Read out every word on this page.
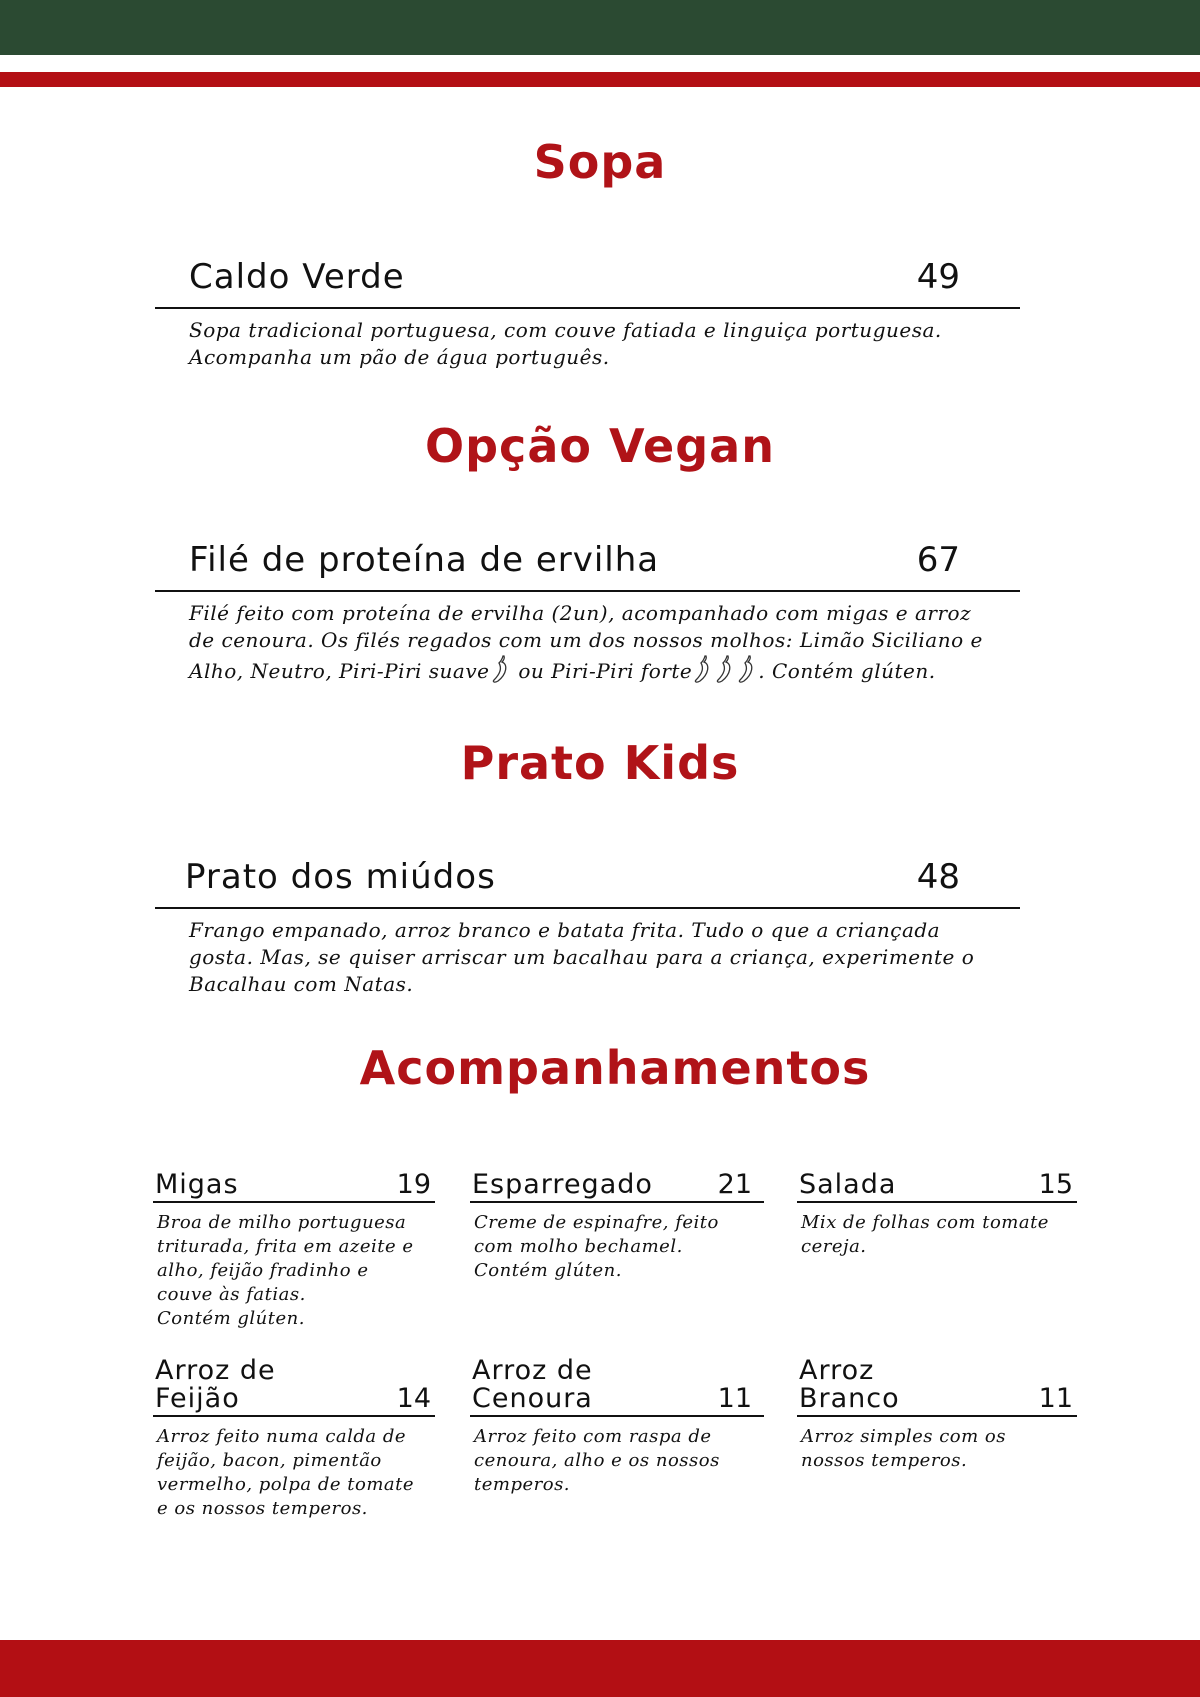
Sopa
Caldo Verde	49

Sopa tradicional portuguesa, com couve fatiada e linguiça portuguesa. Acompanha um pão de água português.

Opção Vegan
Filé de proteína de ervilha	67

Filé feito com proteína de ervilha (2un), acompanhado com migas e arroz de cenoura. Os filés regados com um dos nossos molhos: Limão Siciliano e Alho, Neutro, Piri-Piri suave ou Piri-Piri forte	. Contém glúten.

Prato Kids
Prato dos miúdos	48

Frango empanado, arroz branco e batata frita. Tudo o que a criançada gosta. Mas, se quiser arriscar um bacalhau para a criança, experimente o Bacalhau com Natas.

Acompanhamentos
Migas	19

Broa de milho portuguesa triturada, frita em azeite e alho, feijão fradinho e couve às fatias.
Contém glúten.

Esparregado	21

Creme de espinafre, feito com molho bechamel. Contém glúten.

Salada	15

Mix de folhas com tomate cereja.

Arroz de Feijão	14

Arroz feito numa calda de feijão, bacon, pimentão vermelho, polpa de tomate e os nossos temperos.

Arroz de Cenoura	11

Arroz feito com raspa de cenoura, alho e os nossos temperos.

Arroz Branco	11

Arroz simples com os nossos temperos.
